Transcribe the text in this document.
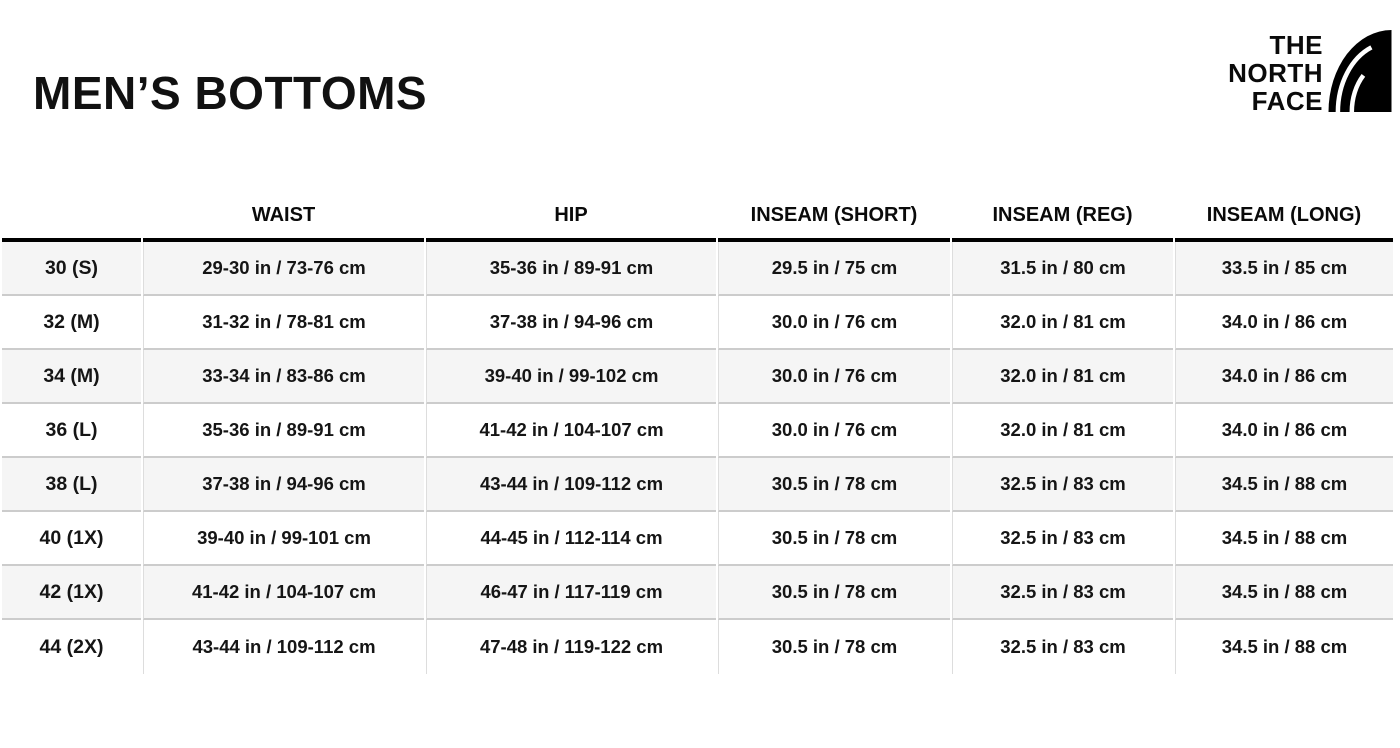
MEN’S BOTTOMS
THE
NORTH
FACE
	WAIST	HIP	INSEAM (SHORT)	INSEAM (REG)	INSEAM (LONG)
30 (S)	29-30 in / 73-76 cm	35-36 in / 89-91 cm	29.5 in / 75 cm	31.5 in / 80 cm	33.5 in / 85 cm
32 (M)	31-32 in / 78-81 cm	37-38 in / 94-96 cm	30.0 in / 76 cm	32.0 in / 81 cm	34.0 in / 86 cm
34 (M)	33-34 in / 83-86 cm	39-40 in / 99-102 cm	30.0 in / 76 cm	32.0 in / 81 cm	34.0 in / 86 cm
36 (L)	35-36 in / 89-91 cm	41-42 in / 104-107 cm	30.0 in / 76 cm	32.0 in / 81 cm	34.0 in / 86 cm
38 (L)	37-38 in / 94-96 cm	43-44 in / 109-112 cm	30.5 in / 78 cm	32.5 in / 83 cm	34.5 in / 88 cm
40 (1X)	39-40 in / 99-101 cm	44-45 in / 112-114 cm	30.5 in / 78 cm	32.5 in / 83 cm	34.5 in / 88 cm
42 (1X)	41-42 in / 104-107 cm	46-47 in / 117-119 cm	30.5 in / 78 cm	32.5 in / 83 cm	34.5 in / 88 cm
44 (2X)	43-44 in / 109-112 cm	47-48 in / 119-122 cm	30.5 in / 78 cm	32.5 in / 83 cm	34.5 in / 88 cm
